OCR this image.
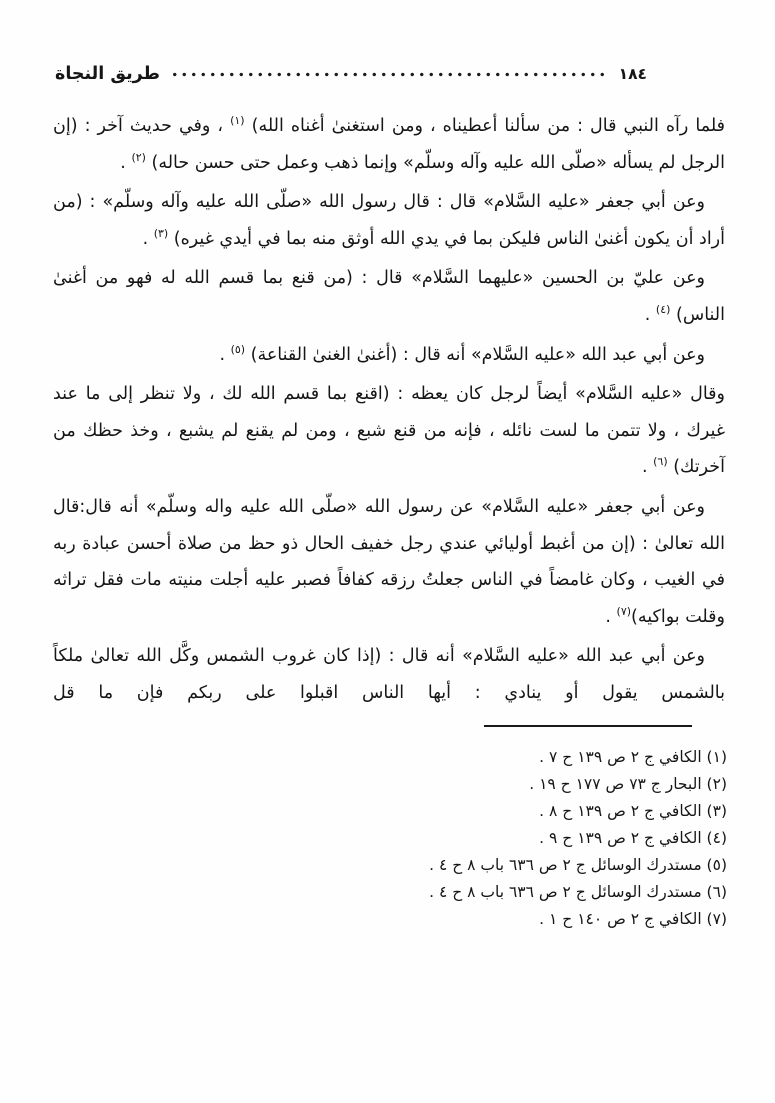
طريق النجاة	١٨٤

فلما رآه النبي قال : من سألنا أعطيناه ، ومن استغنىٰ أغناه الله) $^{(١)}$ ، وفي حديث آخر : (إن الرجل لم يسأله «صلّى الله عليه وآله وسلّم» وإنما ذهب وعمل حتى حسن حاله) $^{(٢)}$ .

وعن أبي جعفر «عليه السَّلام» قال : قال رسول الله «صلّى الله عليه وآله وسلّم» : (من أراد أن يكون أغنىٰ الناس فليكن بما في يدي الله أوثق منه بما في أيدي غيره) $^{(٣)}$ .

وعن عليّ بن الحسين «عليهما السَّلام» قال : (من قنع بما قسم الله له فهو من أغنىٰ الناس) $^{(٤)}$ .

وعن أبي عبد الله «عليه السَّلام» أنه قال : (أغنىٰ الغنىٰ القناعة) $^{(٥)}$ .

وقال «عليه السَّلام» أيضاً لرجل كان يعظه : (اقنع بما قسم الله لك ، ولا تنظر إلى ما عند غيرك ، ولا تتمن ما لست نائله ، فإنه من قنع شبع ، ومن لم يقنع لم يشبع ، وخذ حظك من آخرتك) $^{(٦)}$ .

وعن أبي جعفر «عليه السَّلام» عن رسول الله «صلّى الله عليه واله وسلّم» أنه قال:قال الله تعالىٰ : (إن من أغبط أوليائي عندي رجل خفيف الحال ذو حظ من صلاة أحسن عبادة ربه في الغيب ، وكان غامضاً في الناس جعلتُ رزقه كفافاً فصبر عليه أجلت منيته مات فقل تراثه وقلت بواكيه)$^{(٧)}$ .

وعن أبي عبد الله «عليه السَّلام» أنه قال : (إذا كان غروب الشمس وكَّل الله تعالىٰ ملكاً بالشمس يقول أو ينادي : أيها الناس اقبلوا على ربكم فإن ما قل

(١) الكافي ج ٢ ص ١٣٩ ح ٧ .
(٢) البحار ج ٧٣ ص ١٧٧ ح ١٩ .
(٣) الكافي ج ٢ ص ١٣٩ ح ٨ .
(٤) الكافي ج ٢ ص ١٣٩ ح ٩ .
(٥) مستدرك الوسائل ج ٢ ص ٦٣٦ باب ٨ ح ٤ .
(٦) مستدرك الوسائل ج ٢ ص ٦٣٦ باب ٨ ح ٤ .
(٧) الكافي ج ٢ ص ١٤٠ ح ١ .
